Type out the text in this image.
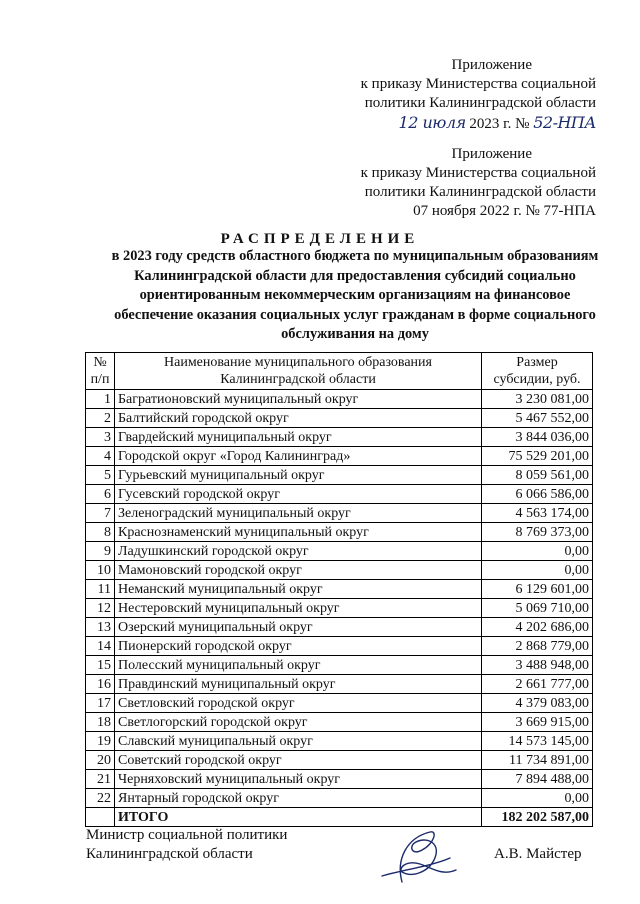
Приложение
к приказу Министерства социальной
политики Калининградской области
12 июля 2023 г. № 52-НПА
Приложение
к приказу Министерства социальной
политики Калининградской области
07 ноября 2022 г. № 77-НПА
РАСПРЕДЕЛЕНИЕ
в 2023 году средств областного бюджета по муниципальным образованиям
Калининградской области для предоставления субсидий социально
ориентированным некоммерческим организациям на финансовое
обеспечение оказания социальных услуг гражданам в форме социального
обслуживания на дому
№
п/п	Наименование муниципального образования
Калининградской области	Размер
субсидии, руб.
1	Багратионовский муниципальный округ	3 230 081,00
2	Балтийский городской округ	5 467 552,00
3	Гвардейский муниципальный округ	3 844 036,00
4	Городской округ «Город Калининград»	75 529 201,00
5	Гурьевский муниципальный округ	8 059 561,00
6	Гусевский городской округ	6 066 586,00
7	Зеленоградский муниципальный округ	4 563 174,00
8	Краснознаменский муниципальный округ	8 769 373,00
9	Ладушкинский городской округ	0,00
10	Мамоновский городской округ	0,00
11	Неманский муниципальный округ	6 129 601,00
12	Нестеровский муниципальный округ	5 069 710,00
13	Озерский муниципальный округ	4 202 686,00
14	Пионерский городской округ	2 868 779,00
15	Полесский муниципальный округ	3 488 948,00
16	Правдинский муниципальный округ	2 661 777,00
17	Светловский городской округ	4 379 083,00
18	Светлогорский городской округ	3 669 915,00
19	Славский муниципальный округ	14 573 145,00
20	Советский городской округ	11 734 891,00
21	Черняховский муниципальный округ	7 894 488,00
22	Янтарный городской округ	0,00
	ИТОГО	182 202 587,00
Министр социальной политики
Калининградской области	А.В. Майстер
